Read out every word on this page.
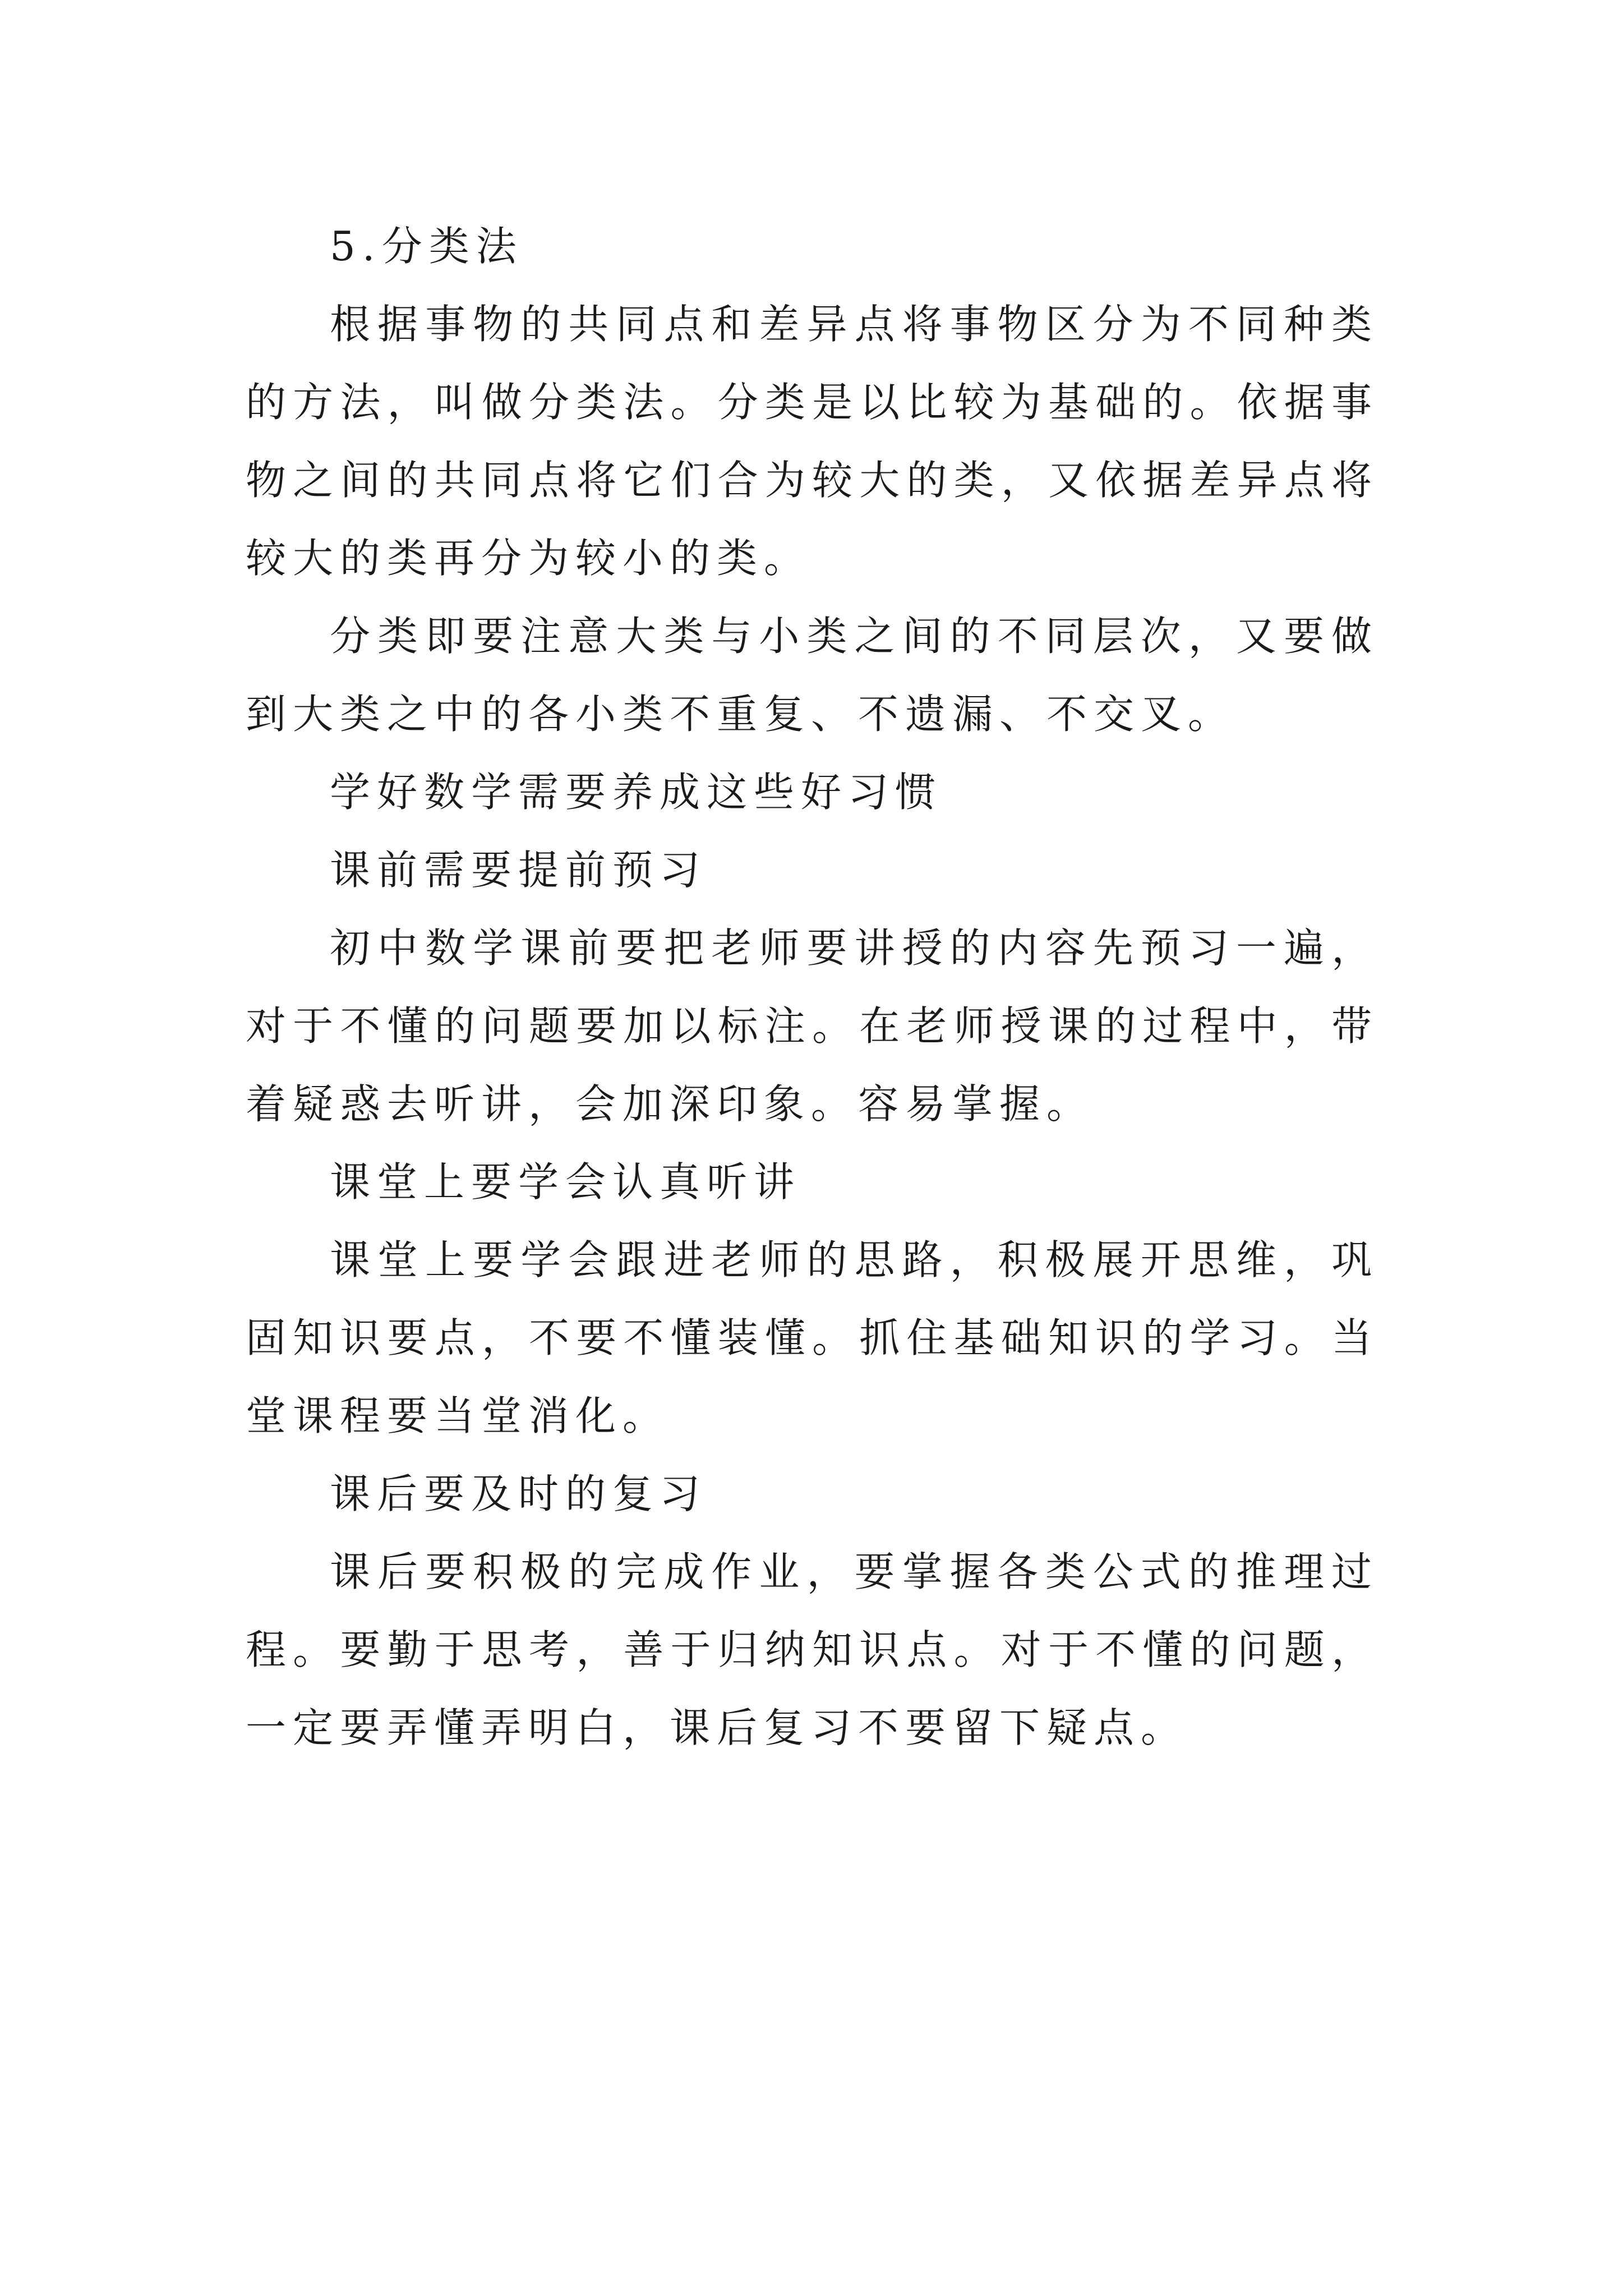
5.分类法

根据事物的共同点和差异点将事物区分为不同种类的方法，叫做分类法。分类是以比较为基础的。依据事物之间的共同点将它们合为较大的类，又依据差异点将较大的类再分为较小的类。

分类即要注意大类与小类之间的不同层次，又要做到大类之中的各小类不重复、不遗漏、不交叉。

学好数学需要养成这些好习惯

课前需要提前预习

初中数学课前要把老师要讲授的内容先预习一遍，对于不懂的问题要加以标注。在老师授课的过程中，带着疑惑去听讲，会加深印象。容易掌握。

课堂上要学会认真听讲

课堂上要学会跟进老师的思路，积极展开思维，巩固知识要点，不要不懂装懂。抓住基础知识的学习。当堂课程要当堂消化。

课后要及时的复习

课后要积极的完成作业，要掌握各类公式的推理过程。要勤于思考，善于归纳知识点。对于不懂的问题，一定要弄懂弄明白，课后复习不要留下疑点。
